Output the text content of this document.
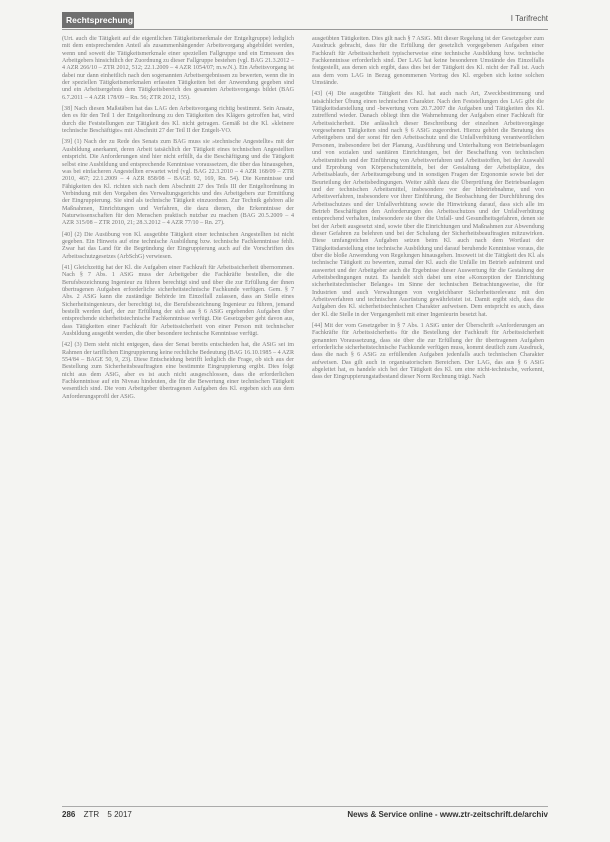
Rechtsprechung	I Tarifrecht

(Urt. auch die Tätigkeit auf die eigentlichen Tätigkeitsmerkmale der Entgeltgruppe) lediglich mit dem entsprechenden Anteil als zusammenhängender Arbeitsvorgang abgebildet werden, wenn und soweit die Tätigkeitsmerkmale einer speziellen Fallgruppe und ein Ermessen des Arbeitgebers hinsichtlich der Zuordnung zu dieser Fallgruppe bestehen (vgl. BAG 21.3.2012 – 4 AZR 266/10 – ZTR 2012, 512; 22.1.2009 – 4 AZR 1054/07; m.w.N.). Ein Arbeitsvorgang ist dabei nur dann einheitlich nach den sogenannten Arbeitsergebnissen zu bewerten, wenn die in der speziellen Tätigkeitsmerkmalen erfassten Tätigkeiten bei der Anwendung gegeben sind und ein Arbeitsergebnis dem Tätigkeitsbereich des gesamten Arbeitsvorgangs bildet (BAG 6.7.2011 – 4 AZR 178/09 – Rn. 56; ZTR 2012, 155).

[38] Nach diesen Maßstäben hat das LAG den Arbeitsvorgang richtig bestimmt. Sein Ansatz, den es für den Teil 1 der Entgeltordnung zu den Tätigkeiten des Klägers getroffen hat, wird durch die Feststellungen zur Tätigkeit des Kl. nicht getragen. Gemäß ist die Kl. »kleinere technische Beschäftigte« mit Abschnitt 27 der Teil II der Entgelt-VO.

[39] (1) Nach der zu Rede des Senats zum BAG muss sie »technische Angestellte« mit der Ausbildung anerkannt, deren Arbeit tatsächlich der Tätigkeit eines technischen Angestellten entspricht. Die Anforderungen sind hier nicht erfüllt, da die Beschäftigung und die Tätigkeit selbst eine Ausbildung und entsprechende Kenntnisse voraussetzen, die über das hinausgehen, was bei einfacheren Angestellten erwartet wird (vgl. BAG 22.3.2010 – 4 AZR 168/09 – ZTR 2010, 467; 22.1.2009 – 4 AZR 858/08 – BAGE 92, 169, Rn. 54). Die Kenntnisse und Fähigkeiten des Kl. richten sich nach dem Abschnitt 27 des Teils III der Entgeltordnung in Verbindung mit den Vorgaben des Verwaltungsgerichts und des Arbeitgebers zur Ermittlung der Eingruppierung. Sie sind als technische Tätigkeit einzuordnen. Zur Technik gehören alle Maßnahmen, Einrichtungen und Verfahren, die dazu dienen, die Erkenntnisse der Naturwissenschaften für den Menschen praktisch nutzbar zu machen (BAG 20.5.2009 – 4 AZR 315/08 – ZTR 2010, 21; 28.3.2012 – 4 AZR 77/10 – Rn. 27).

[40] (2) Die Ausübung von Kl. ausgeübte Tätigkeit einer technischen Angestellten ist nicht gegeben. Ein Hinweis auf eine technische Ausbildung bzw. technische Fachkenntnisse fehlt. Zwar hat das Land für die Begründung der Eingruppierung auch auf die Vorschriften des Arbeitsschutzgesetzes (ArbSchG) verwiesen.

[41] Gleichzeitig hat der Kl. die Aufgaben einer Fachkraft für Arbeitssicherheit übernommen. Nach § 7 Abs. 1 ASiG muss der Arbeitgeber die Fachkräfte bestellen, die die Berufsbezeichnung Ingenieur zu führen berechtigt sind und über die zur Erfüllung der ihnen übertragenen Aufgaben erforderliche sicherheitstechnische Fachkunde verfügen. Gem. § 7 Abs. 2 ASiG kann die zuständige Behörde im Einzelfall zulassen, dass an Stelle eines Sicherheitsingenieurs, der berechtigt ist, die Berufsbezeichnung Ingenieur zu führen, jemand bestellt werden darf, der zur Erfüllung der sich aus § 6 ASiG ergebenden Aufgaben über entsprechende sicherheitstechnische Fachkenntnisse verfügt. Die Gesetzgeber geht davon aus, dass Tätigkeiten einer Fachkraft für Arbeitssicherheit von einer Person mit technischer Ausbildung ausgeübt werden, die über besondere technische Kenntnisse verfügt.

[42] (3) Dem steht nicht entgegen, dass der Senat bereits entschieden hat, die ASiG sei im Rahmen der tariflichen Eingruppierung keine rechtliche Bedeutung (BAG 16.10.1985 – 4 AZR 554/84 – BAGE 50, 9, 23). Diese Entscheidung betrifft lediglich die Frage, ob sich aus der Bestellung zum Sicherheitsbeauftragten eine bestimmte Eingruppierung ergibt. Dies folgt nicht aus dem ASiG, aber es ist auch nicht ausgeschlossen, dass die erforderlichen Fachkenntnisse auf ein Niveau hindeuten, die für die Bewertung einer technischen Tätigkeit wesentlich sind. Die vom Arbeitgeber übertragenen Aufgaben des Kl. ergeben sich aus dem Anforderungsprofil der ASiG.

ausgeübten Tätigkeiten. Dies gilt nach § 7 ASiG. Mit dieser Regelung ist der Gesetzgeber zum Ausdruck gebracht, dass für die Erfüllung der gesetzlich vorgegebenen Aufgaben einer Fachkraft für Arbeitssicherheit typischerweise eine technische Ausbildung bzw. technische Fachkenntnisse erforderlich sind. Der LAG hat keine besonderen Umstände des Einzelfalls festgestellt, aus denen sich ergibt, dass dies bei der Tätigkeit des Kl. nicht der Fall ist. Auch aus dem vom LAG in Bezug genommenen Vortrag des Kl. ergeben sich keine solchen Umstände.

[43] (4) Die ausgeübte Tätigkeit des Kl. hat auch nach Art, Zweckbestimmung und tatsächlicher Übung einen technischen Charakter. Nach den Feststellungen des LAG gibt die Tätigkeitsdarstellung und -bewertung vom 20.7.2007 die Aufgaben und Tätigkeiten des Kl. zutreffend wieder. Danach obliegt ihm die Wahrnehmung der Aufgaben einer Fachkraft für Arbeitssicherheit. Die anlässlich dieser Beschreibung der einzelnen Arbeitsvorgänge vorgesehenen Tätigkeiten sind nach § 6 ASiG zugeordnet. Hierzu gehört die Beratung des Arbeitgebers und der sonst für den Arbeitsschutz und die Unfallverhütung verantwortlichen Personen, insbesondere bei der Planung, Ausführung und Unterhaltung von Betriebsanlagen und von sozialen und sanitären Einrichtungen, bei der Beschaffung von technischen Arbeitsmitteln und der Einführung von Arbeitsverfahren und Arbeitsstoffen, bei der Auswahl und Erprobung von Körperschutzmitteln, bei der Gestaltung der Arbeitsplätze, des Arbeitsablaufs, der Arbeitsumgebung und in sonstigen Fragen der Ergonomie sowie bei der Beurteilung der Arbeitsbedingungen. Weiter zählt dazu die Überprüfung der Betriebsanlagen und der technischen Arbeitsmittel, insbesondere vor der Inbetriebnahme, und von Arbeitsverfahren, insbesondere vor ihrer Einführung, die Beobachtung der Durchführung des Arbeitsschutzes und der Unfallverhütung sowie die Hinwirkung darauf, dass sich alle im Betrieb Beschäftigten den Anforderungen des Arbeitsschutzes und der Unfallverhütung entsprechend verhalten, insbesondere sie über die Unfall- und Gesundheitsgefahren, denen sie bei der Arbeit ausgesetzt sind, sowie über die Einrichtungen und Maßnahmen zur Abwendung dieser Gefahren zu belehren und bei der Schulung der Sicherheitsbeauftragten mitzuwirken. Diese umfangreichen Aufgaben setzen beim Kl. auch nach dem Wortlaut der Tätigkeitsdarstellung eine technische Ausbildung und darauf beruhende Kenntnisse voraus, die über die bloße Anwendung von Regelungen hinausgehen. Insoweit ist die Tätigkeit des Kl. als technische Tätigkeit zu bewerten, zumal der Kl. auch die Unfälle im Betrieb aufnimmt und auswertet und der Arbeitgeber auch die Ergebnisse dieser Auswertung für die Gestaltung der Arbeitsbedingungen nutzt. Es handelt sich dabei um eine »Konzeption der Einrichtung sicherheitstechnischer Belange« im Sinne der technischen Betrachtungsweise, die für Industrien und auch Verwaltungen von vergleichbarer Sicherheitsrelevanz mit den Arbeitsverfahren und technischen Ausrüstung gewährleistet ist. Damit ergibt sich, dass die Aufgaben des Kl. sicherheitstechnischen Charakter aufweisen. Dem entspricht es auch, dass der Kl. die Stelle in der Vergangenheit mit einer Ingenieurin besetzt hat.

[44] Mit der vom Gesetzgeber in § 7 Abs. 1 ASiG unter der Überschrift »Anforderungen an Fachkräfte für Arbeitssicherheit« für die Bestellung der Fachkraft für Arbeitssicherheit genannten Voraussetzung, dass sie über die zur Erfüllung der ihr übertragenen Aufgaben erforderliche sicherheitstechnische Fachkunde verfügen muss, kommt deutlich zum Ausdruck, dass die nach § 6 ASiG zu erfüllenden Aufgaben jedenfalls auch technischen Charakter aufweisen. Das gilt auch in organisatorischen Bereichen. Der LAG, das aus § 6 ASiG abgeleitet hat, es handele sich bei der Tätigkeit des Kl. um eine nicht-technische, verkennt, dass der Eingruppierungstatbestand dieser Norm Rechnung trägt. Nach

286 ZTR 5 2017	News & Service online - www.ztr-zeitschrift.de/archiv
